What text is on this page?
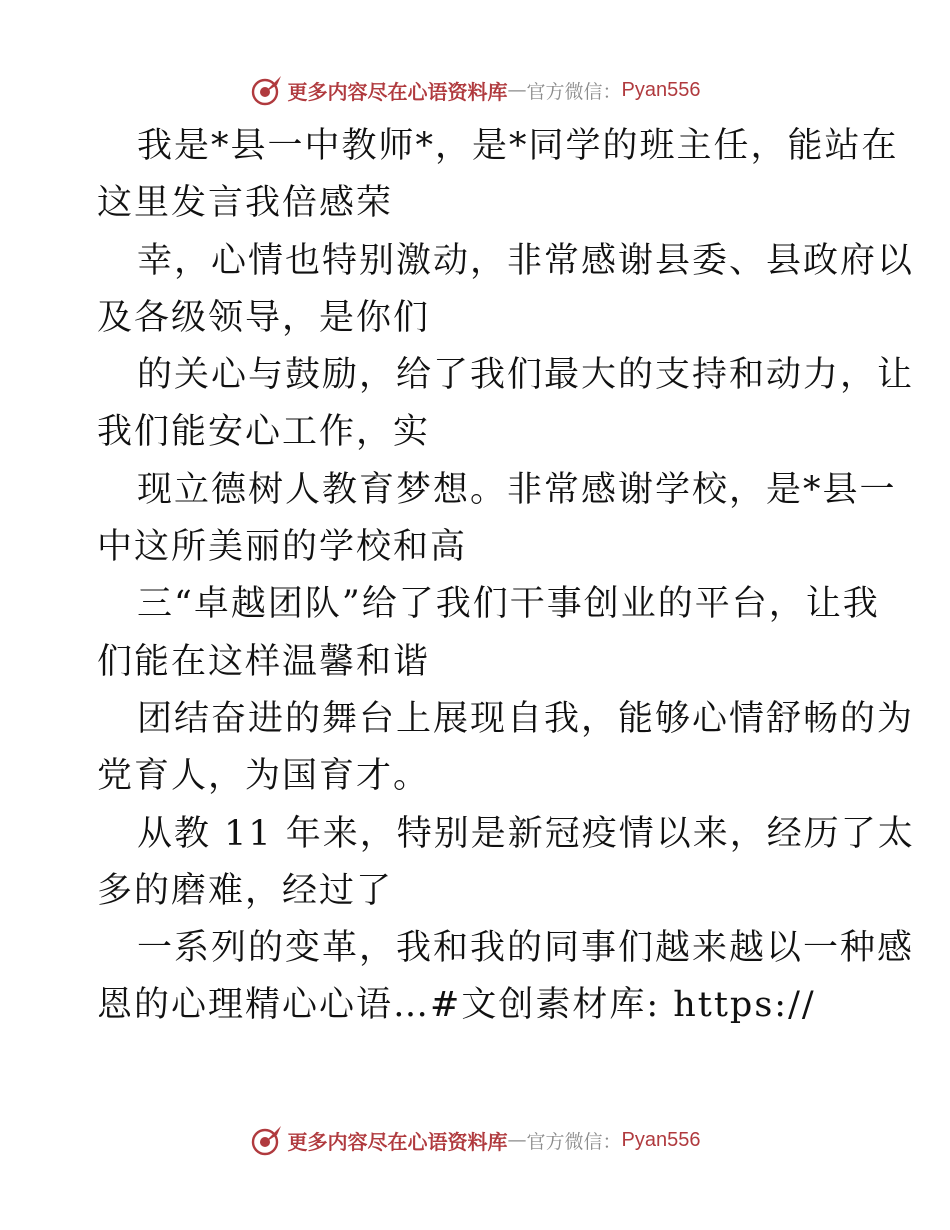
更多内容尽在心语资料库 — 官方微信： Pyan556
我是*县一中教师*，是*同学的班主任，能站在
这里发言我倍感荣
幸，心情也特别激动，非常感谢县委、县政府以
及各级领导，是你们
的关心与鼓励，给了我们最大的支持和动力，让
我们能安心工作，实
现立德树人教育梦想。非常感谢学校，是*县一
中这所美丽的学校和高
三“卓越团队”给了我们干事创业的平台，让我
们能在这样温馨和谐
团结奋进的舞台上展现自我，能够心情舒畅的为
党育人，为国育才。
从教 11 年来，特别是新冠疫情以来，经历了太
多的磨难，经过了
一系列的变革，我和我的同事们越来越以一种感
恩的心理精心心语…#文创素材库: https://
更多内容尽在心语资料库 — 官方微信： Pyan556
